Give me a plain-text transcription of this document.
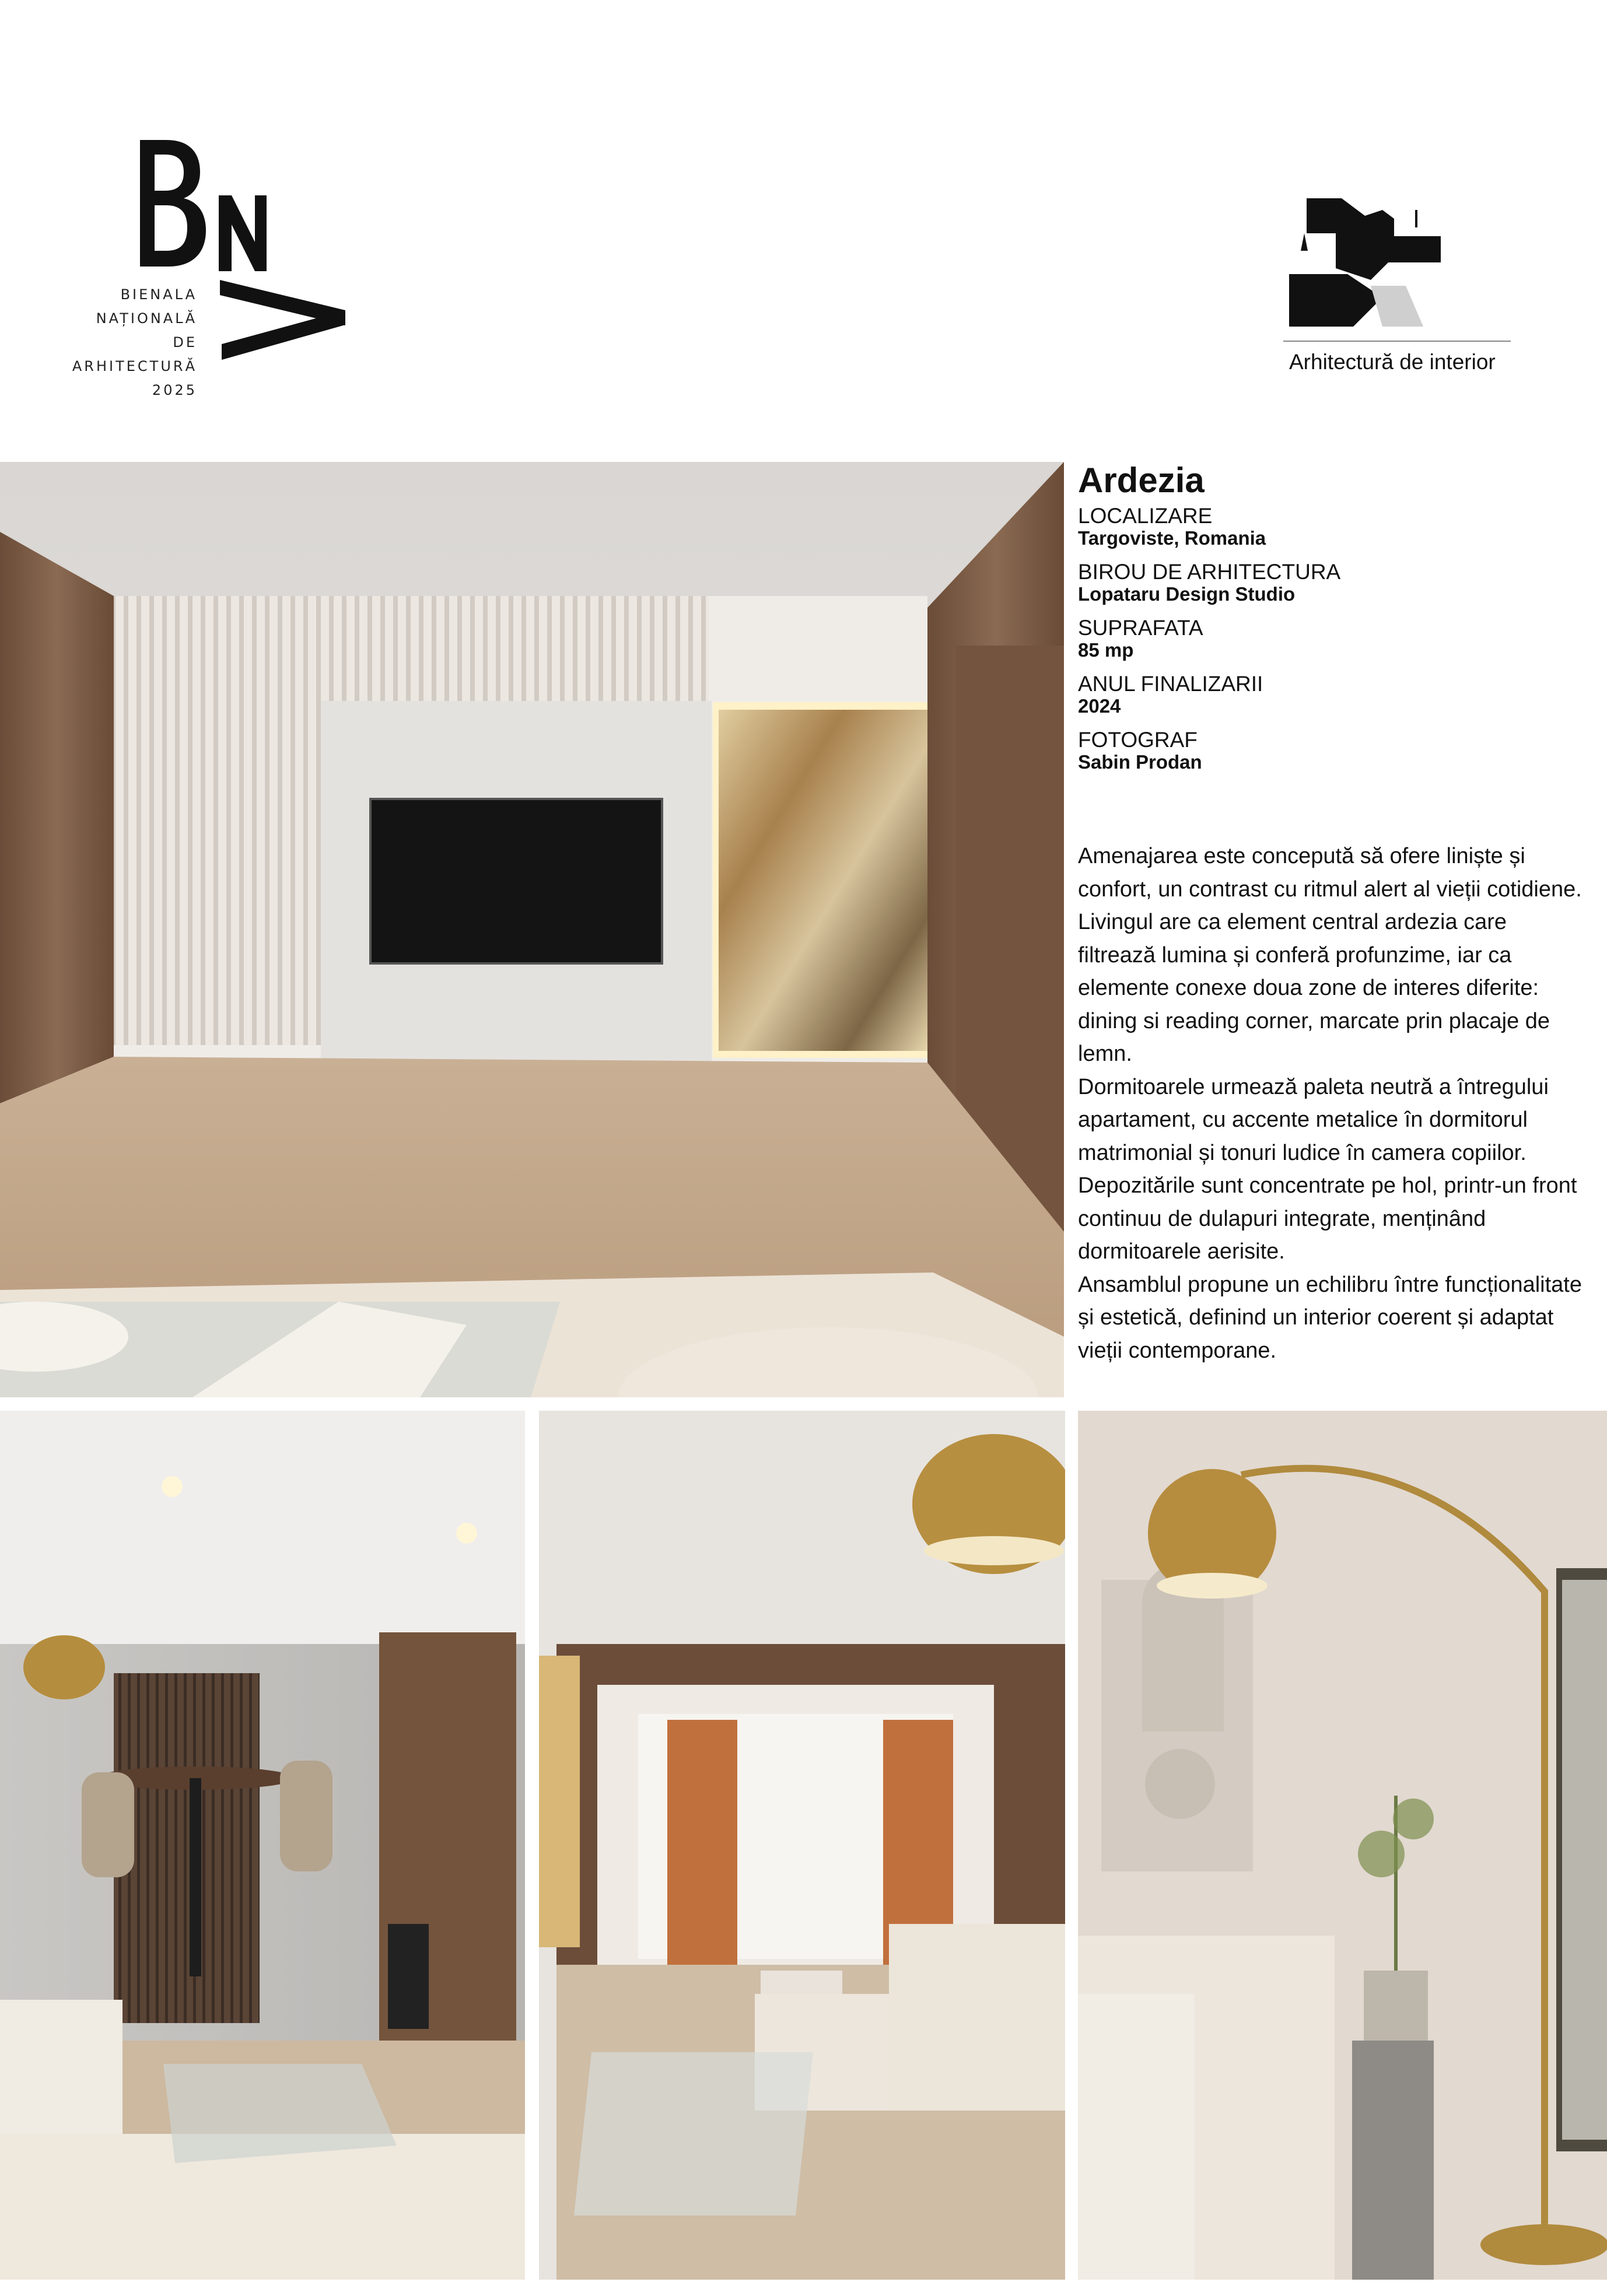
BIENALA
NAȚIONALĂ
DE
ARHITECTURĂ
2025
Arhitectură de interior
Ardezia
LOCALIZARE
Targoviste, Romania
BIROU DE ARHITECTURA
Lopataru Design Studio
SUPRAFATA
85 mp
ANUL FINALIZARII
2024
FOTOGRAF
Sabin Prodan

Amenajarea este concepută să ofere liniște și confort, un contrast cu ritmul alert al vieții cotidiene.

Livingul are ca element central ardezia care filtrează lumina și conferă profunzime, iar ca elemente conexe doua zone de interes diferite: dining si reading corner, marcate prin placaje de lemn.

Dormitoarele urmează paleta neutră a întregului apartament, cu accente metalice în dormitorul matrimonial și tonuri ludice în camera copiilor.

Depozitările sunt concentrate pe hol, printr-un front continuu de dulapuri integrate, menținând dormitoarele aerisite.

Ansamblul propune un echilibru între funcționalitate și estetică, definind un interior coerent și adaptat vieții contemporane.
